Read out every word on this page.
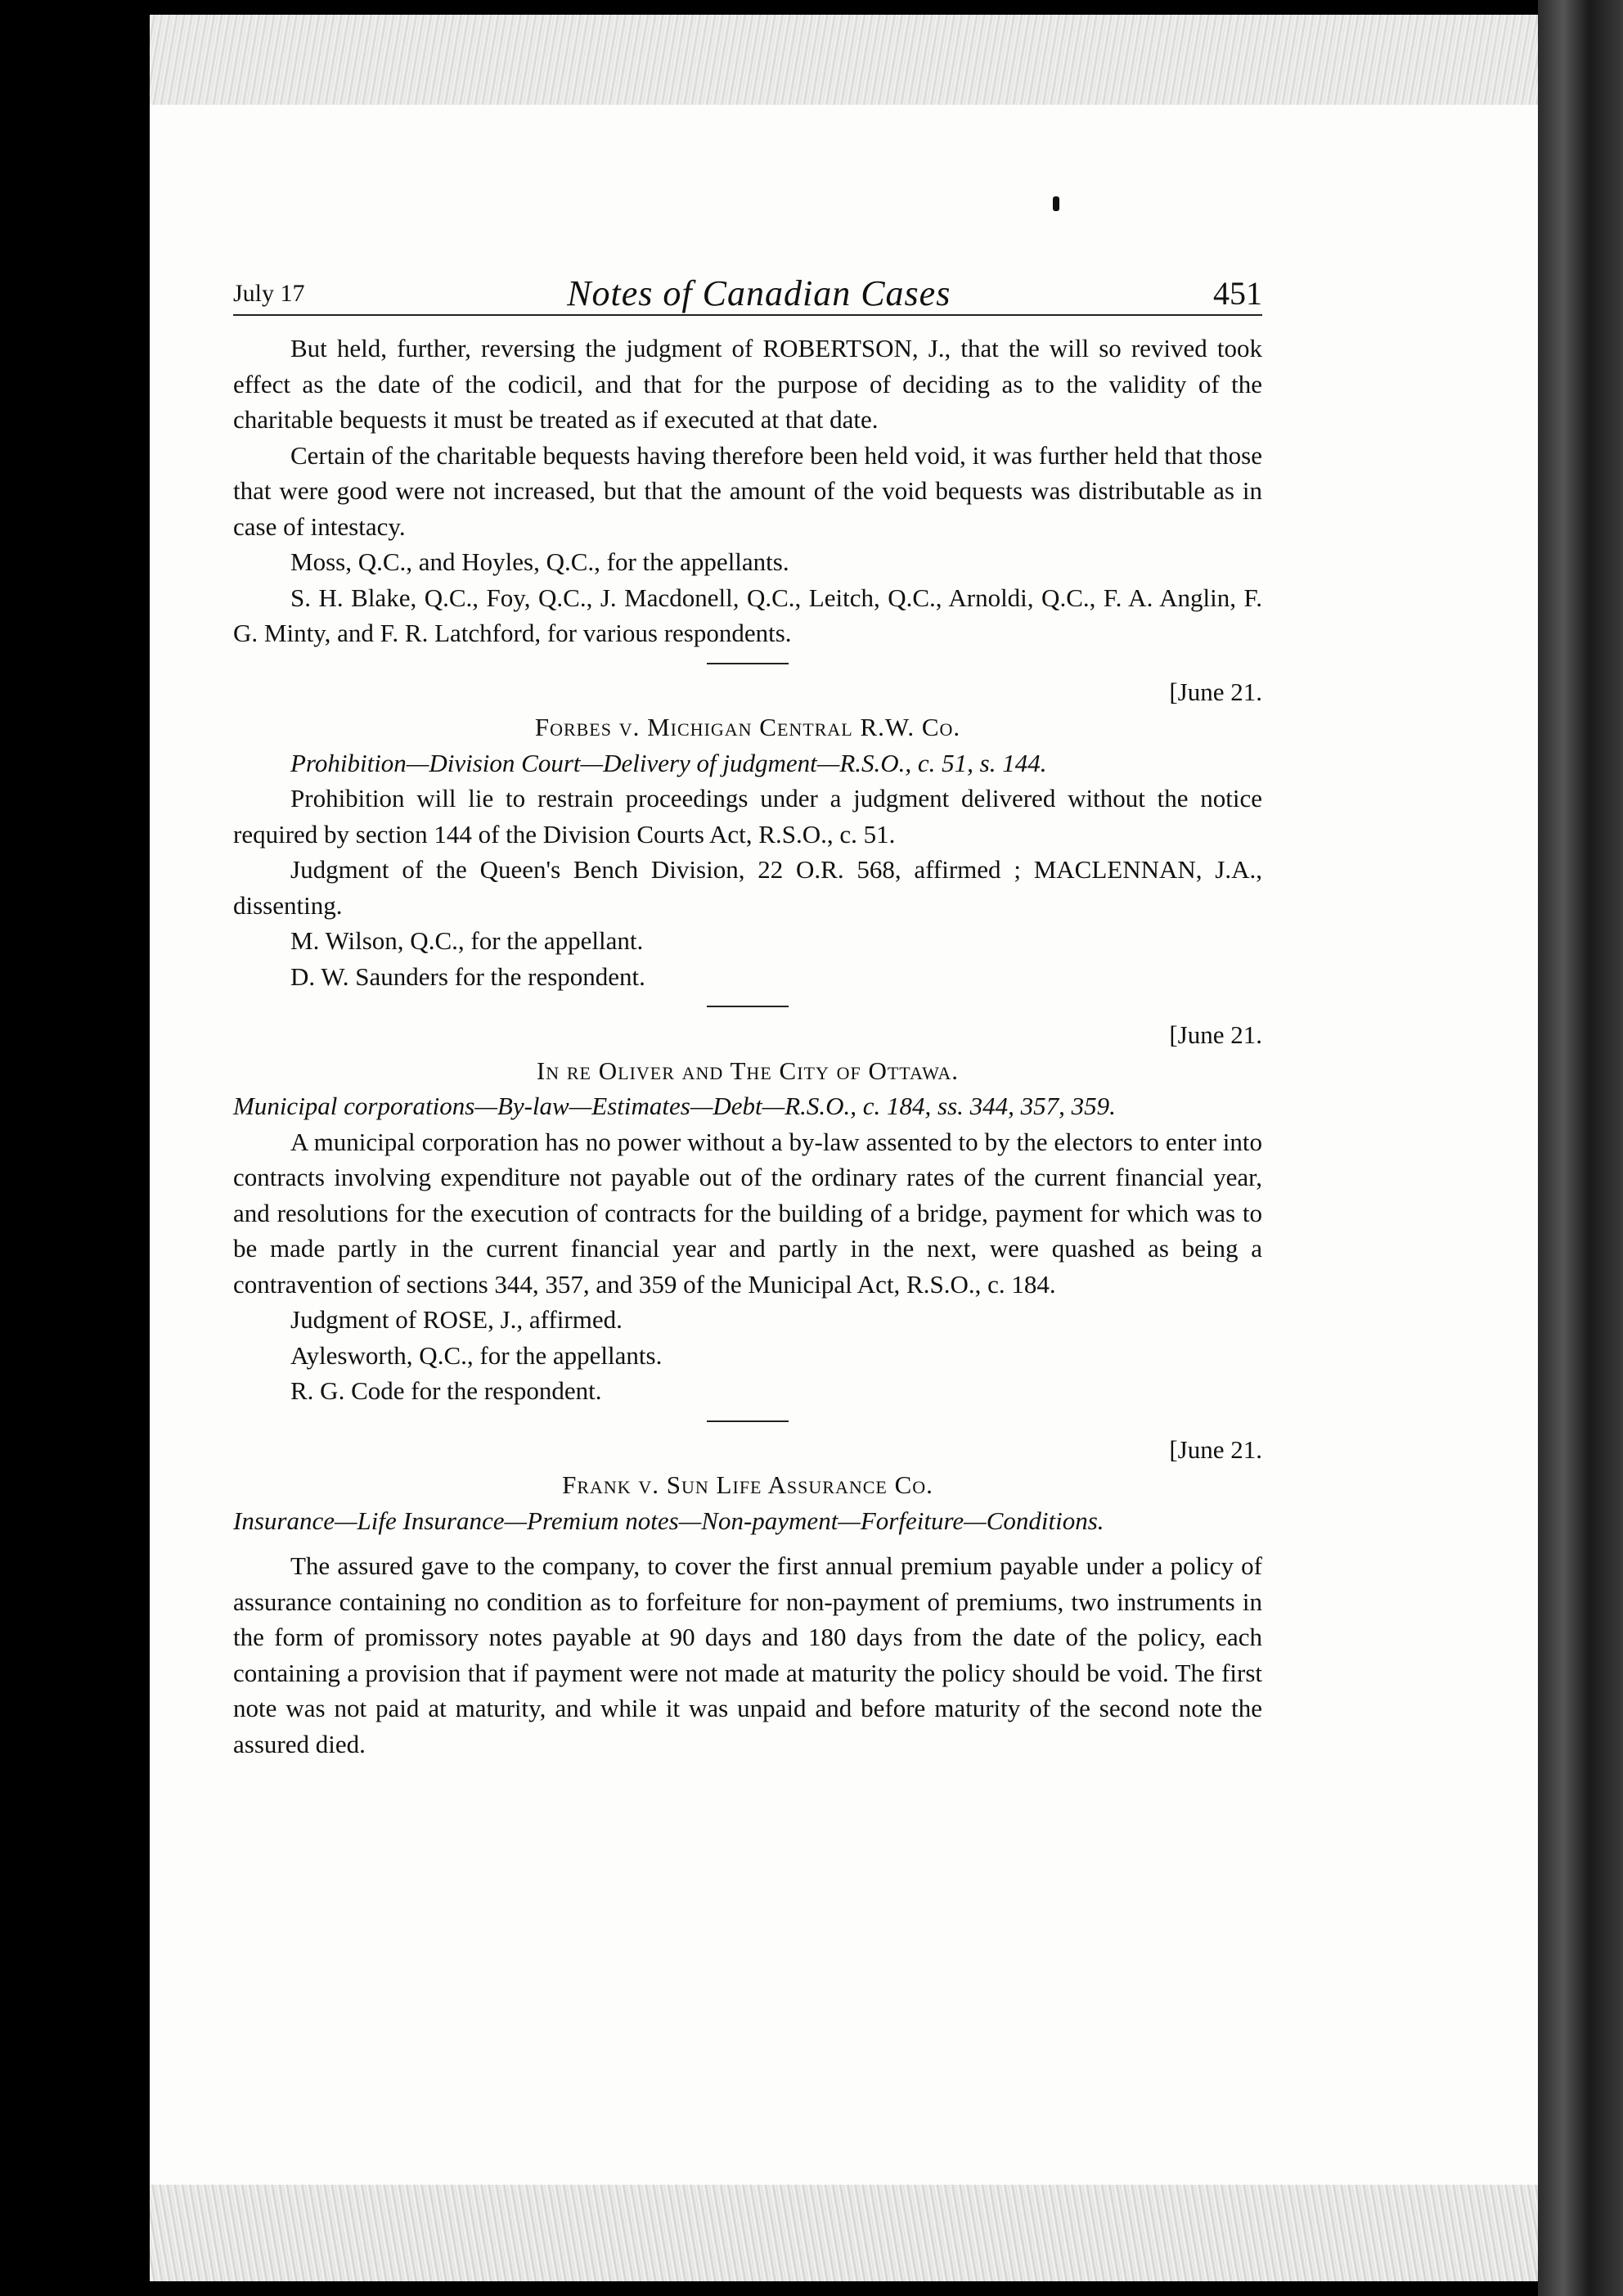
July 17	Notes of Canadian Cases	451

But held, further, reversing the judgment of ROBERTSON, J., that the will so revived took effect as the date of the codicil, and that for the purpose of deciding as to the validity of the charitable bequests it must be treated as if executed at that date.

Certain of the charitable bequests having therefore been held void, it was further held that those that were good were not increased, but that the amount of the void bequests was distributable as in case of intestacy.

Moss, Q.C., and Hoyles, Q.C., for the appellants.

S. H. Blake, Q.C., Foy, Q.C., J. Macdonell, Q.C., Leitch, Q.C., Arnoldi, Q.C., F. A. Anglin, F. G. Minty, and F. R. Latchford, for various respondents.

[June 21.

Forbes v. Michigan Central R.W. Co.

Prohibition—Division Court—Delivery of judgment—R.S.O., c. 51, s. 144.

Prohibition will lie to restrain proceedings under a judgment delivered without the notice required by section 144 of the Division Courts Act, R.S.O., c. 51.

Judgment of the Queen's Bench Division, 22 O.R. 568, affirmed ; MACLENNAN, J.A., dissenting.

M. Wilson, Q.C., for the appellant.

D. W. Saunders for the respondent.

[June 21.

In re Oliver and The City of Ottawa.

Municipal corporations—By-law—Estimates—Debt—R.S.O., c. 184, ss. 344, 357, 359.

A municipal corporation has no power without a by-law assented to by the electors to enter into contracts involving expenditure not payable out of the ordinary rates of the current financial year, and resolutions for the execution of contracts for the building of a bridge, payment for which was to be made partly in the current financial year and partly in the next, were quashed as being a contravention of sections 344, 357, and 359 of the Municipal Act, R.S.O., c. 184.

Judgment of ROSE, J., affirmed.

Aylesworth, Q.C., for the appellants.

R. G. Code for the respondent.

[June 21.

Frank v. Sun Life Assurance Co.

Insurance—Life Insurance—Premium notes—Non-payment—Forfeiture—Conditions.

The assured gave to the company, to cover the first annual premium payable under a policy of assurance containing no condition as to forfeiture for non-payment of premiums, two instruments in the form of promissory notes payable at 90 days and 180 days from the date of the policy, each containing a provision that if payment were not made at maturity the policy should be void. The first note was not paid at maturity, and while it was unpaid and before maturity of the second note the assured died.
